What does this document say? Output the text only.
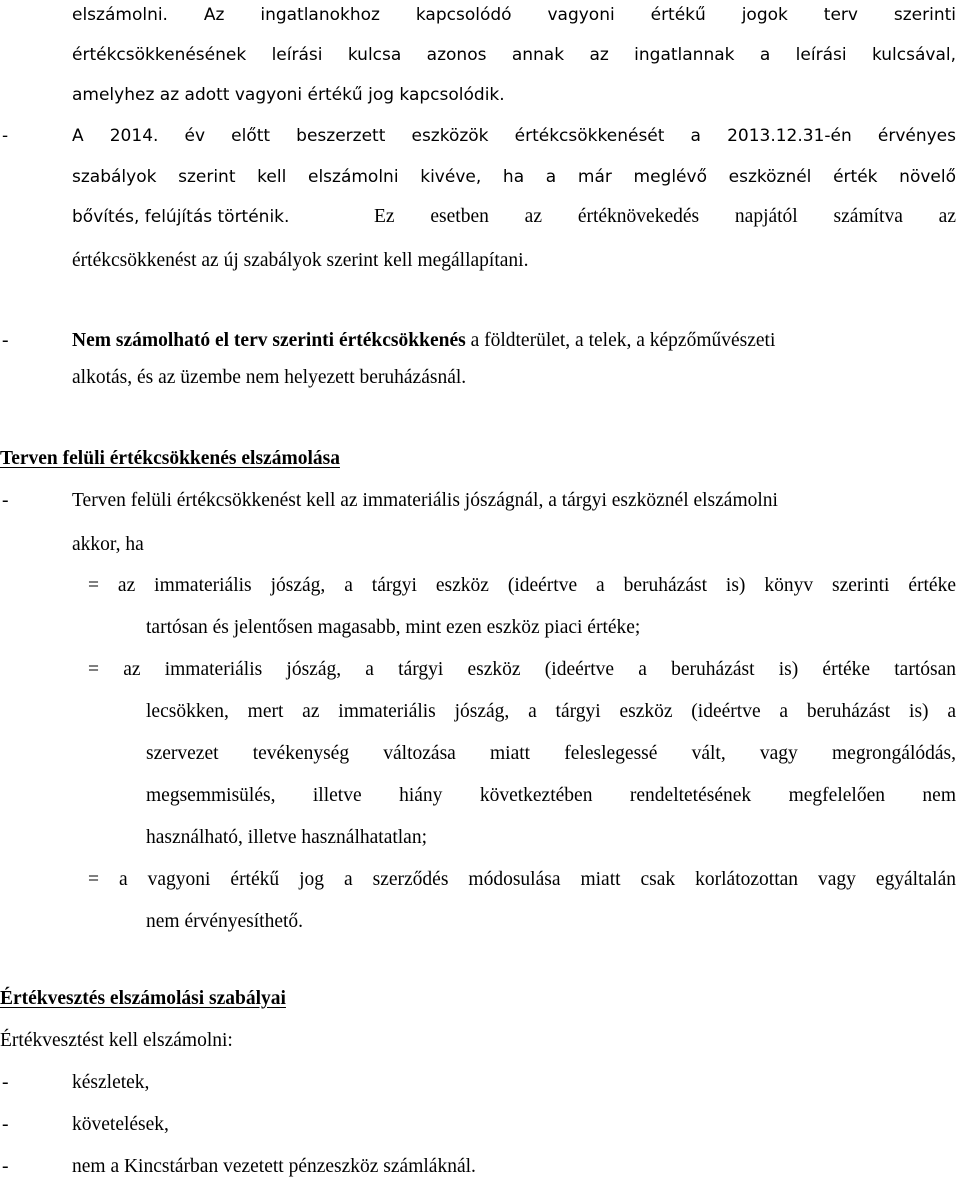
elszámolni. Az ingatlanokhoz kapcsolódó vagyoni értékű jogok terv szerinti
értékcsökkenésének leírási kulcsa azonos annak az ingatlannak a leírási kulcsával,
amelyhez az adott vagyoni értékű jog kapcsolódik.
-	A 2014. év előtt beszerzett eszközök értékcsökkenését a 2013.12.31-én érvényes
szabályok szerint kell elszámolni kivéve, ha a már meglévő eszköznél érték növelő
bővítés, felújítás történik.	Ez esetben az értéknövekedés napjától számítva az
értékcsökkenést az új szabályok szerint kell megállapítani.
-	Nem számolható el terv szerinti értékcsökkenés a földterület, a telek, a képzőművészeti
alkotás, és az üzembe nem helyezett beruházásnál.
Terven felüli értékcsökkenés elszámolása
-	Terven felüli értékcsökkenést kell az immateriális jószágnál, a tárgyi eszköznél elszámolni
akkor, ha
= az immateriális jószág, a tárgyi eszköz (ideértve a beruházást is) könyv szerinti értéke
tartósan és jelentősen magasabb, mint ezen eszköz piaci értéke;
= az immateriális jószág, a tárgyi eszköz (ideértve a beruházást is) értéke tartósan
lecsökken, mert az immateriális jószág, a tárgyi eszköz (ideértve a beruházást is) a
szervezet tevékenység változása miatt feleslegessé vált, vagy megrongálódás,
megsemmisülés, illetve hiány következtében rendeltetésének megfelelően nem
használható, illetve használhatatlan;
= a vagyoni értékű jog a szerződés módosulása miatt csak korlátozottan vagy egyáltalán
nem érvényesíthető.
Értékvesztés elszámolási szabályai
Értékvesztést kell elszámolni:
-	készletek,
-	követelések,
-	nem a Kincstárban vezetett pénzeszköz számláknál.
